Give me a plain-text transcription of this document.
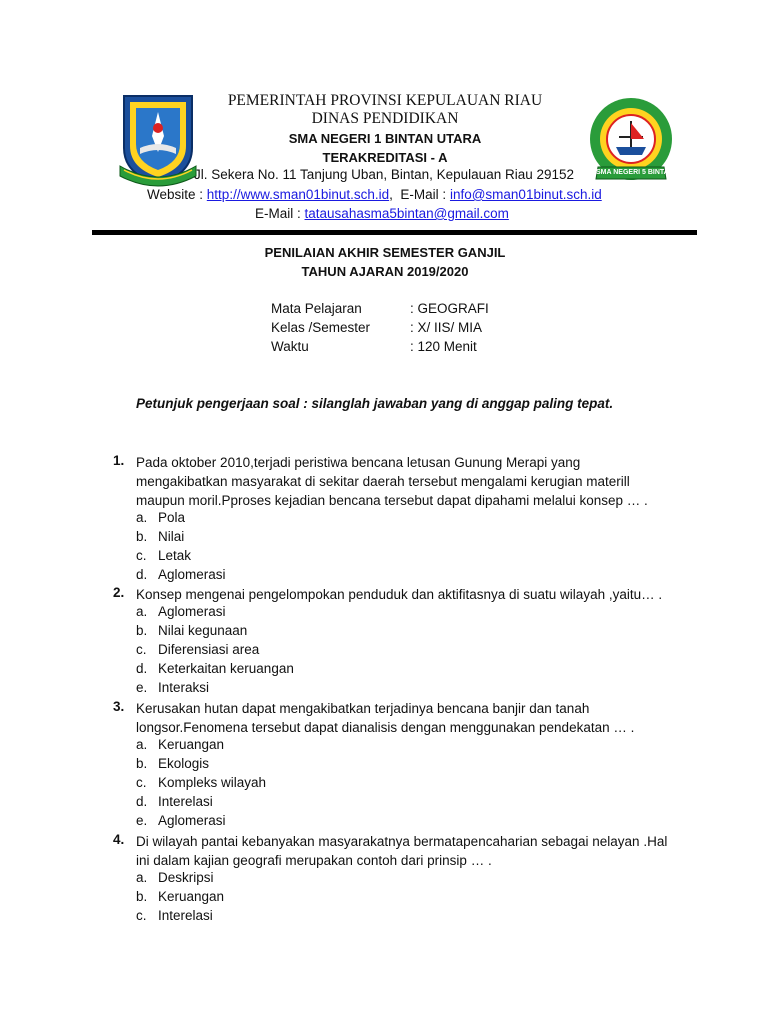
SMA NEGERI 5 BINTAN
PEMERINTAH PROVINSI KEPULAUAN RIAU
DINAS PENDIDIKAN
SMA NEGERI 1 BINTAN UTARA
TERAKREDITASI - A
Jl. Sekera No. 11 Tanjung Uban, Bintan, Kepulauan Riau 29152
Website : http://www.sman01binut.sch.id,  E-Mail : info@sman01binut.sch.id
E-Mail : tatausahasma5bintan@gmail.com
PENILAIAN AKHIR SEMESTER GANJIL
TAHUN AJARAN 2019/2020
Mata Pelajaran	: GEOGRAFI
Kelas /Semester	: X/ IIS/ MIA
Waktu	: 120 Menit
Petunjuk pengerjaan soal : silanglah jawaban yang di anggap paling tepat.
1. Pada oktober 2010,terjadi peristiwa bencana letusan Gunung Merapi yang
mengakibatkan masyarakat di sekitar daerah tersebut mengalami kerugian materill
maupun moril.Pproses kejadian bencana tersebut dapat dipahami melalui konsep … .
a. Pola
b. Nilai
c. Letak
d. Aglomerasi
2. Konsep mengenai pengelompokan penduduk dan aktifitasnya di suatu wilayah ,yaitu… .
a. Aglomerasi
b. Nilai kegunaan
c. Diferensiasi area
d. Keterkaitan keruangan
e. Interaksi
3. Kerusakan hutan dapat mengakibatkan terjadinya bencana banjir dan tanah
longsor.Fenomena tersebut dapat dianalisis dengan menggunakan pendekatan … .
a. Keruangan
b. Ekologis
c. Kompleks wilayah
d. Interelasi
e. Aglomerasi
4. Di wilayah pantai kebanyakan masyarakatnya bermatapencaharian sebagai nelayan .Hal
ini dalam kajian geografi merupakan contoh dari prinsip … .
a. Deskripsi
b. Keruangan
c. Interelasi
